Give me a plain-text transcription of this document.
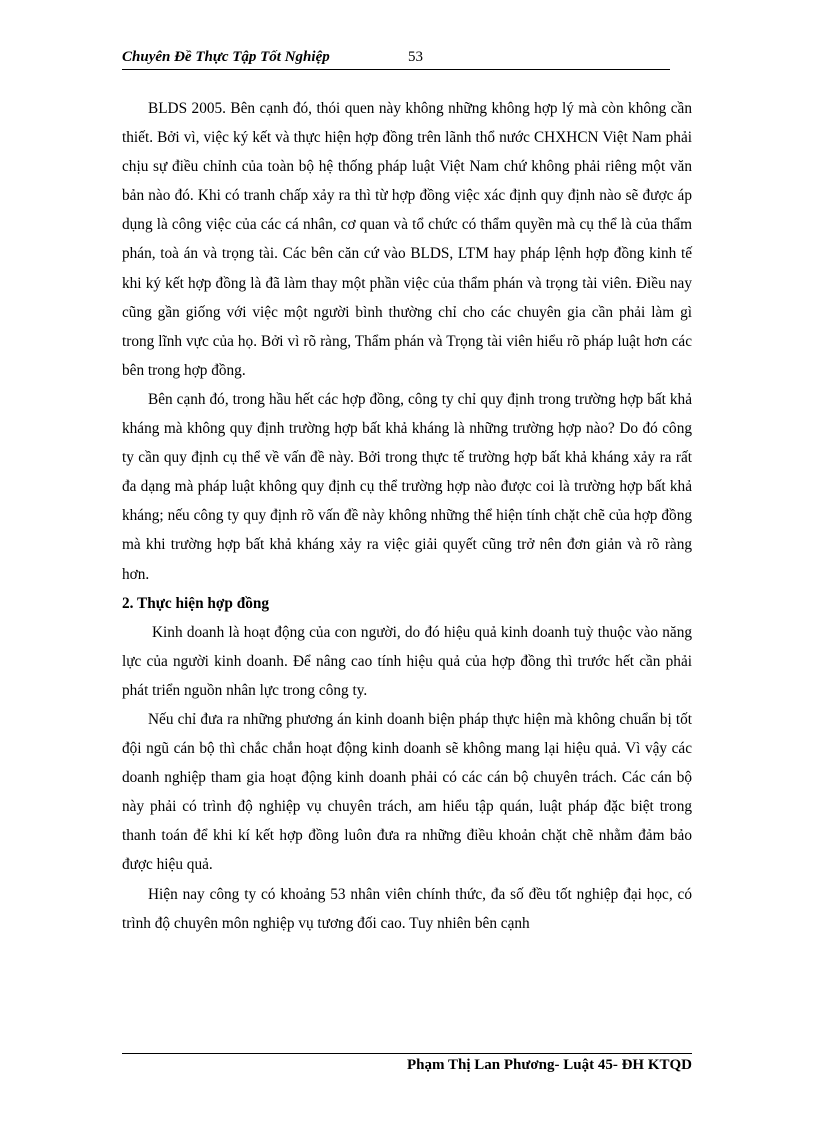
Chuyên Đề Thực Tập Tốt Nghiệp	53

BLDS 2005. Bên cạnh đó, thói quen này không những không hợp lý mà còn không cần thiết. Bởi vì, việc ký kết và thực hiện hợp đồng trên lãnh thổ nước CHXHCN Việt Nam phải chịu sự điều chỉnh của toàn bộ hệ thống pháp luật Việt Nam chứ không phải riêng một văn bản nào đó. Khi có tranh chấp xảy ra thì từ hợp đồng việc xác định quy định nào sẽ được áp dụng là công việc của các cá nhân, cơ quan và tổ chức có thẩm quyền mà cụ thể là của thẩm phán, toà án và trọng tài. Các bên căn cứ vào BLDS, LTM hay pháp lệnh hợp đồng kinh tế khi ký kết hợp đồng là đã làm thay một phần việc của thẩm phán và trọng tài viên. Điều nay cũng gần giống với việc một người bình thường chỉ cho các chuyên gia cần phải làm gì trong lĩnh vực của họ. Bởi vì rõ ràng, Thẩm phán và Trọng tài viên hiểu rõ pháp luật hơn các bên trong hợp đồng.

Bên cạnh đó, trong hầu hết các hợp đồng, công ty chỉ quy định trong trường hợp bất khả kháng mà không quy định trường hợp bất khả kháng là những trường hợp nào? Do đó công ty cần quy định cụ thể về vấn đề này. Bởi trong thực tế trường hợp bất khả kháng xảy ra rất đa dạng mà pháp luật không quy định cụ thể trường hợp nào được coi là trường hợp bất khả kháng; nếu công ty quy định rõ vấn đề này không những thể hiện tính chặt chẽ của hợp đồng mà khi trường hợp bất khả kháng xảy ra việc giải quyết cũng trở nên đơn giản và rõ ràng hơn.

2. Thực hiện hợp đồng

Kinh doanh là hoạt động của con người, do đó hiệu quả kinh doanh tuỳ thuộc vào năng lực của người kinh doanh. Để nâng cao tính hiệu quả của hợp đồng thì trước hết cần phải phát triển nguồn nhân lực trong công ty.

Nếu chỉ đưa ra những phương án kinh doanh biện pháp thực hiện mà không chuẩn bị tốt đội ngũ cán bộ thì chắc chắn hoạt động kinh doanh sẽ không mang lại hiệu quả. Vì vậy các doanh nghiệp tham gia hoạt động kinh doanh phải có các cán bộ chuyên trách. Các cán bộ này phải có trình độ nghiệp vụ chuyên trách, am hiểu tập quán, luật pháp đặc biệt trong thanh toán để khi kí kết hợp đồng luôn đưa ra những điều khoản chặt chẽ nhằm đảm bảo được hiệu quả.

Hiện nay công ty có khoảng 53 nhân viên chính thức, đa số đều tốt nghiệp đại học, có trình độ chuyên môn nghiệp vụ tương đối cao. Tuy nhiên bên cạnh

Phạm Thị Lan Phương- Luật 45- ĐH KTQD
